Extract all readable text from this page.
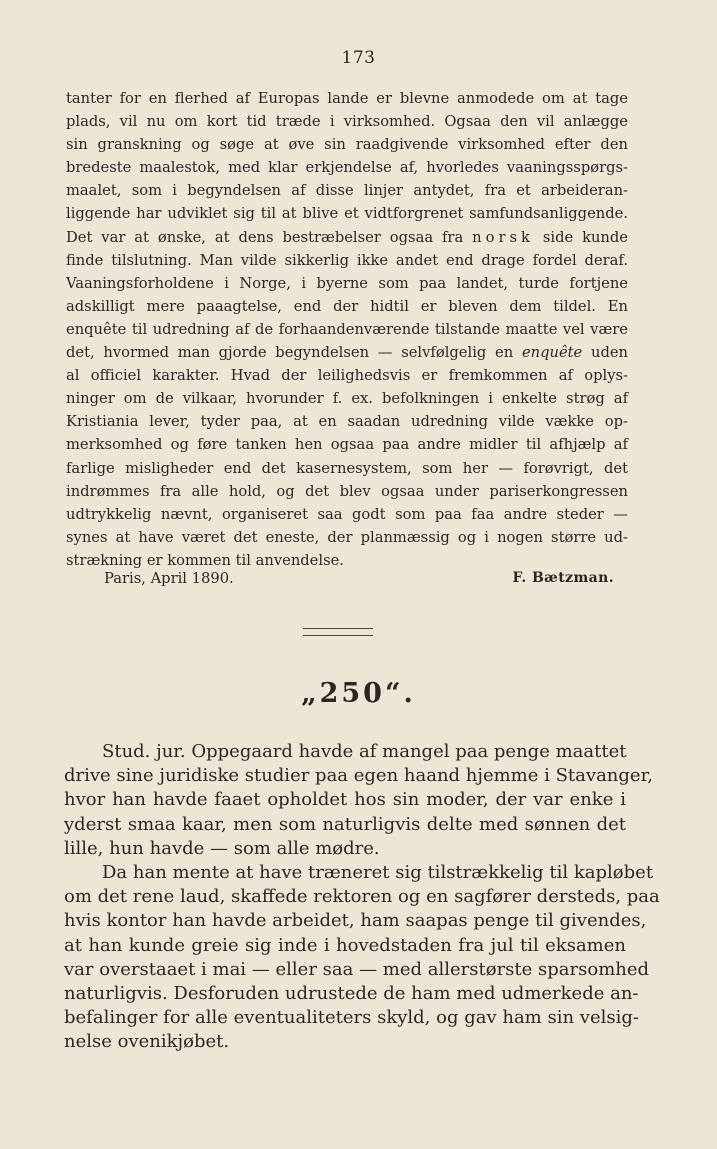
173
tanter for en flerhed af Europas lande er blevne anmodede om at tage
plads, vil nu om kort tid træde i virksomhed. Ogsaa den vil anlægge
sin granskning og søge at øve sin raadgivende virksomhed efter den
bredeste maalestok, med klar erkjendelse af, hvorledes vaaningsspørgs-
maalet, som i begyndelsen af disse linjer antydet, fra et arbeideran-
liggende har udviklet sig til at blive et vidtforgrenet samfundsanliggende.
Det var at ønske, at dens bestræbelser ogsaa fra norsk side kunde
finde tilslutning. Man vilde sikkerlig ikke andet end drage fordel deraf.
Vaaningsforholdene i Norge, i byerne som paa landet, turde fortjene
adskilligt mere paaagtelse, end der hidtil er bleven dem tildel. En
enquête til udredning af de forhaandenværende tilstande maatte vel være
det, hvormed man gjorde begyndelsen — selvfølgelig en enquête uden
al officiel karakter. Hvad der leilighedsvis er fremkommen af oplys-
ninger om de vilkaar, hvorunder f. ex. befolkningen i enkelte strøg af
Kristiania lever, tyder paa, at en saadan udredning vilde vække op-
merksomhed og føre tanken hen ogsaa paa andre midler til afhjælp af
farlige misligheder end det kasernesystem, som her — forøvrigt, det
indrømmes fra alle hold, og det blev ogsaa under pariserkongressen
udtrykkelig nævnt, organiseret saa godt som paa faa andre steder —
synes at have været det eneste, der planmæssig og i nogen større ud-
strækning er kommen til anvendelse.
Paris, April 1890.	F. Bætzman.
„250“.
Stud. jur. Oppegaard havde af mangel paa penge maattet
drive sine juridiske studier paa egen haand hjemme i Stavanger,
hvor han havde faaet opholdet hos sin moder, der var enke i
yderst smaa kaar, men som naturligvis delte med sønnen det
lille, hun havde — som alle mødre.
Da han mente at have træneret sig tilstrækkelig til kapløbet
om det rene laud, skaffede rektoren og en sagfører dersteds, paa
hvis kontor han havde arbeidet, ham saapas penge til givendes,
at han kunde greie sig inde i hovedstaden fra jul til eksamen
var overstaaet i mai — eller saa — med allerstørste sparsomhed
naturligvis. Desforuden udrustede de ham med udmerkede an-
befalinger for alle eventualiteters skyld, og gav ham sin velsig-
nelse ovenikjøbet.
